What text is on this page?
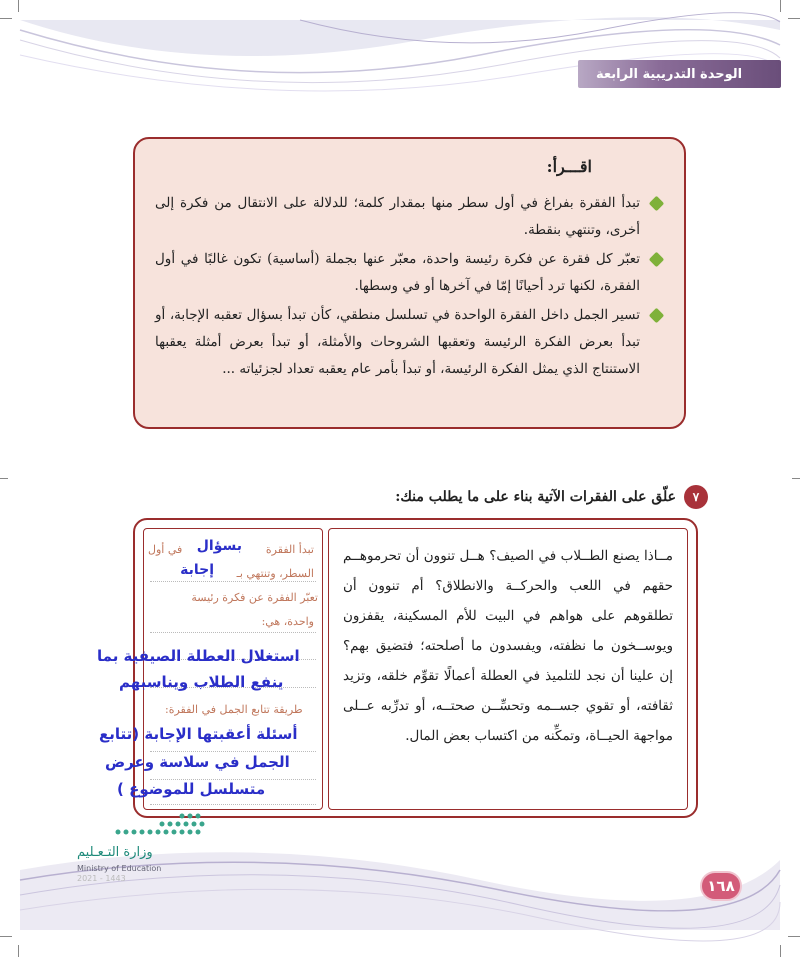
الوحدة التدريبية الرابعة
اقـــرأ:
تبدأ الفقرة بفراغ في أول سطر منها بمقدار كلمة؛ للدلالة على الانتقال من فكرة إلى أخرى، وتنتهي بنقطة.
تعبّر كل فقرة عن فكرة رئيسة واحدة، معبّر عنها بجملة (أساسية) تكون غالبًا في أول الفقرة، لكنها ترد أحيانًا إمّا في آخرها أو في وسطها.
تسير الجمل داخل الفقرة الواحدة في تسلسل منطقي، كأن تبدأ بسؤال تعقبه الإجابة، أو تبدأ بعرض الفكرة الرئيسة وتعقبها الشروحات والأمثلة، أو تبدأ بعرض أمثلة يعقبها الاستنتاج الذي يمثل الفكرة الرئيسة، أو تبدأ بأمر عام يعقبه تعداد لجزئياته ...
٧
علّق على الفقرات الآتية بناء على ما يطلب منك:
مــاذا يصنع الطــلاب في الصيف؟ هــل تنوون أن تحرموهــم حقهم في اللعب والحركــة والانطلاق؟ أم تنوون أن تطلقوهم على هواهم في البيت للأم المسكينة، يقفزون ويوســخون ما نظفته، ويفسدون ما أصلحته؛ فتضيق بهم؟ إن علينا أن نجد للتلميذ في العطلة أعمالًا تقوِّم خلقه، وتزيد ثقافته، أو تقوي جســمه وتحسِّــن صحتــه، أو تدرِّبه عــلى مواجهة الحيــاة، وتمكِّنه من اكتساب بعض المال.
تبدأ الفقرة
بسؤال
في أول
السطر، وتنتهي بـ
إجابة
تعبّر الفقرة عن فكرة رئيسة
واحدة، هي:
استغلال العطلة الصيفية بما
ينفع الطلاب ويناسبهم
طريقة تتابع الجمل في الفقرة:
أسئلة أعقبتها الإجابة (تتابع
الجمل في سلاسة وعرض
متسلسل للموضوع )
وزارة التـعـليم
Ministry of Education
2021 - 1443	١٦٨
